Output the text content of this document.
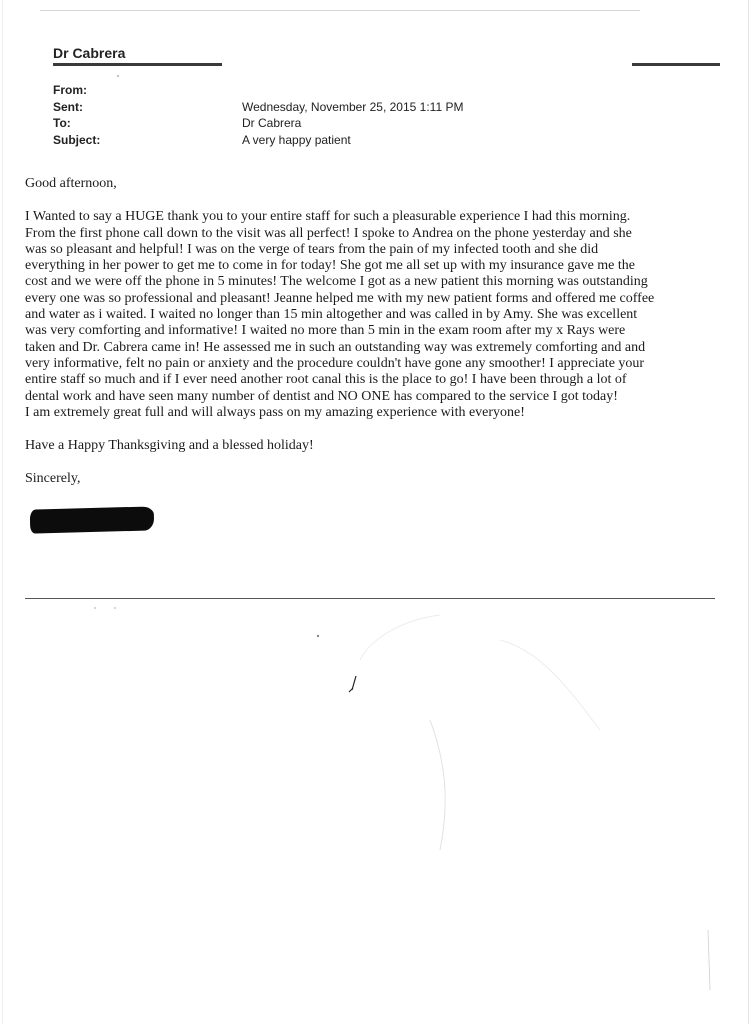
Dr Cabrera
From:
Sent:	Wednesday, November 25, 2015 1:11 PM
To:	Dr Cabrera
Subject:	A very happy patient

Good afternoon,

I Wanted to say a HUGE thank you to your entire staff for such a pleasurable experience I had this morning.
From the first phone call down to the visit was all perfect! I spoke to Andrea on the phone yesterday and she
was so pleasant and helpful! I was on the verge of tears from the pain of my infected tooth and she did
everything in her power to get me to come in for today! She got me all set up with my insurance gave me the
cost and we were off the phone in 5 minutes! The welcome I got as a new patient this morning was outstanding
every one was so professional and pleasant! Jeanne helped me with my new patient forms and offered me coffee
and water as i waited. I waited no longer than 15 min altogether and was called in by Amy. She was excellent
was very comforting and informative! I waited no more than 5 min in the exam room after my x Rays were
taken and Dr. Cabrera came in! He assessed me in such an outstanding way was extremely comforting and and
very informative, felt no pain or anxiety and the procedure couldn't have gone any smoother! I appreciate your
entire staff so much and if I ever need another root canal this is the place to go! I have been through a lot of
dental work and have seen many number of dentist and NO ONE has compared to the service I got today!
I am extremely great full and will always pass on my amazing experience with everyone!

Have a Happy Thanksgiving and a blessed holiday!

Sincerely,
